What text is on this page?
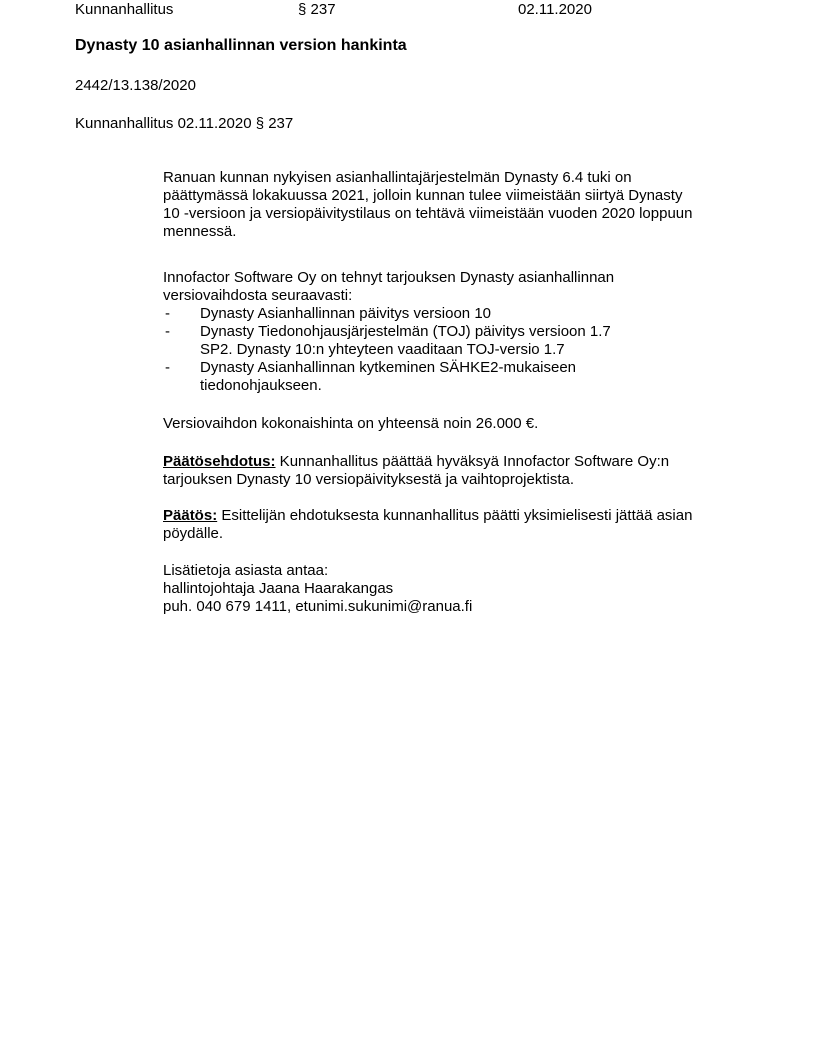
Kunnanhallitus	§ 237	02.11.2020
Dynasty 10 asianhallinnan version hankinta
2442/13.138/2020
Kunnanhallitus 02.11.2020 § 237
Ranuan kunnan nykyisen asianhallintajärjestelmän Dynasty 6.4 tuki on
päättymässä lokakuussa 2021, jolloin kunnan tulee viimeistään siirtyä Dynasty
10 -versioon ja versiopäivitystilaus on tehtävä viimeistään vuoden 2020 loppuun
mennessä.
Innofactor Software Oy on tehnyt tarjouksen Dynasty asianhallinnan
versiovaihdosta seuraavasti:
-	Dynasty Asianhallinnan päivitys versioon 10
-	Dynasty Tiedonohjausjärjestelmän (TOJ) päivitys versioon 1.7
SP2. Dynasty 10:n yhteyteen vaaditaan TOJ-versio 1.7
-	Dynasty Asianhallinnan kytkeminen SÄHKE2-mukaiseen
tiedonohjaukseen.
Versiovaihdon kokonaishinta on yhteensä noin 26.000 €.
Päätösehdotus: Kunnanhallitus päättää hyväksyä Innofactor Software Oy:n
tarjouksen Dynasty 10 versiopäivityksestä ja vaihtoprojektista.
Päätös: Esittelijän ehdotuksesta kunnanhallitus päätti yksimielisesti jättää asian
pöydälle.
Lisätietoja asiasta antaa:
hallintojohtaja Jaana Haarakangas
puh. 040 679 1411, etunimi.sukunimi@ranua.fi
